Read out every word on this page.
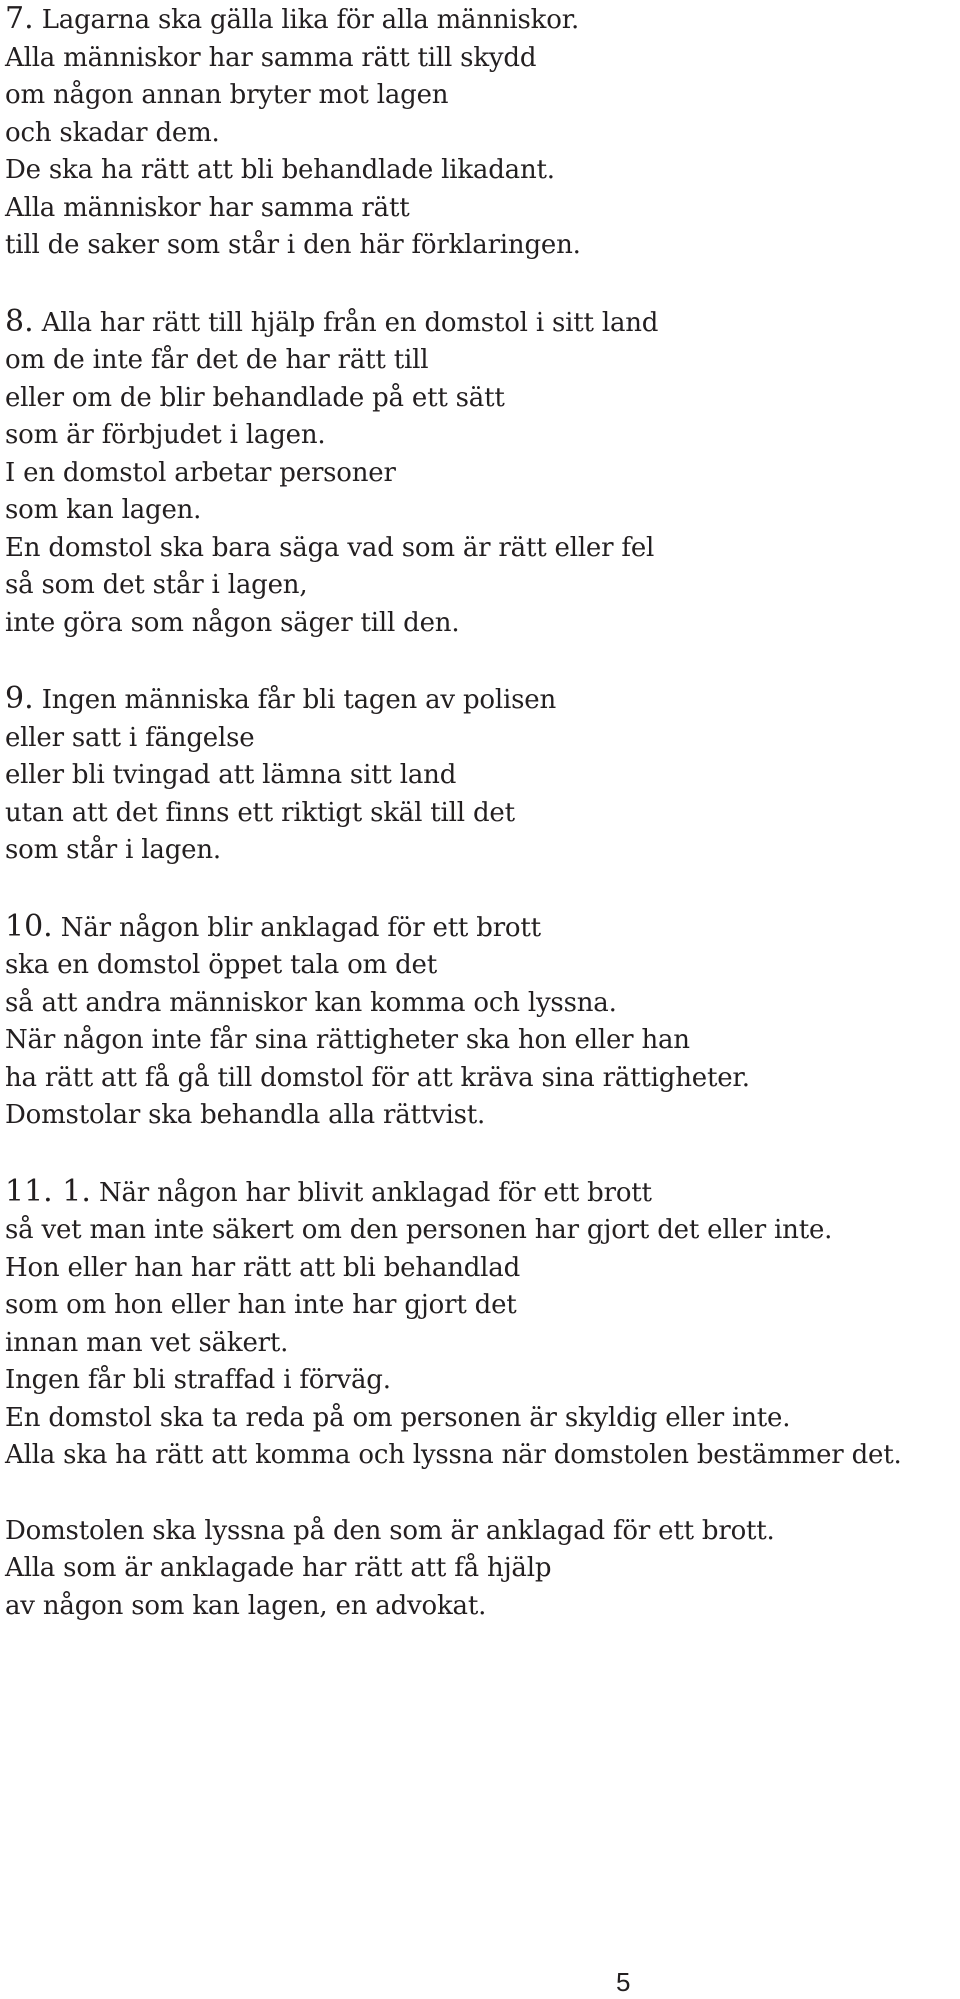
7. Lagarna ska gälla lika för alla människor.
Alla människor har samma rätt till skydd
om någon annan bryter mot lagen
och skadar dem.
De ska ha rätt att bli behandlade likadant.
Alla människor har samma rätt
till de saker som står i den här förklaringen.
8. Alla har rätt till hjälp från en domstol i sitt land
om de inte får det de har rätt till
eller om de blir behandlade på ett sätt
som är förbjudet i lagen.
I en domstol arbetar personer
som kan lagen.
En domstol ska bara säga vad som är rätt eller fel
så som det står i lagen,
inte göra som någon säger till den.
9. Ingen människa får bli tagen av polisen
eller satt i fängelse
eller bli tvingad att lämna sitt land
utan att det finns ett riktigt skäl till det
som står i lagen.
10. När någon blir anklagad för ett brott
ska en domstol öppet tala om det
så att andra människor kan komma och lyssna.
När någon inte får sina rättigheter ska hon eller han
ha rätt att få gå till domstol för att kräva sina rättigheter.
Domstolar ska behandla alla rättvist.
11. 1. När någon har blivit anklagad för ett brott
så vet man inte säkert om den personen har gjort det eller inte.
Hon eller han har rätt att bli behandlad
som om hon eller han inte har gjort det
innan man vet säkert.
Ingen får bli straffad i förväg.
En domstol ska ta reda på om personen är skyldig eller inte.
Alla ska ha rätt att komma och lyssna när domstolen bestämmer det.
Domstolen ska lyssna på den som är anklagad för ett brott.
Alla som är anklagade har rätt att få hjälp
av någon som kan lagen, en advokat.
5
